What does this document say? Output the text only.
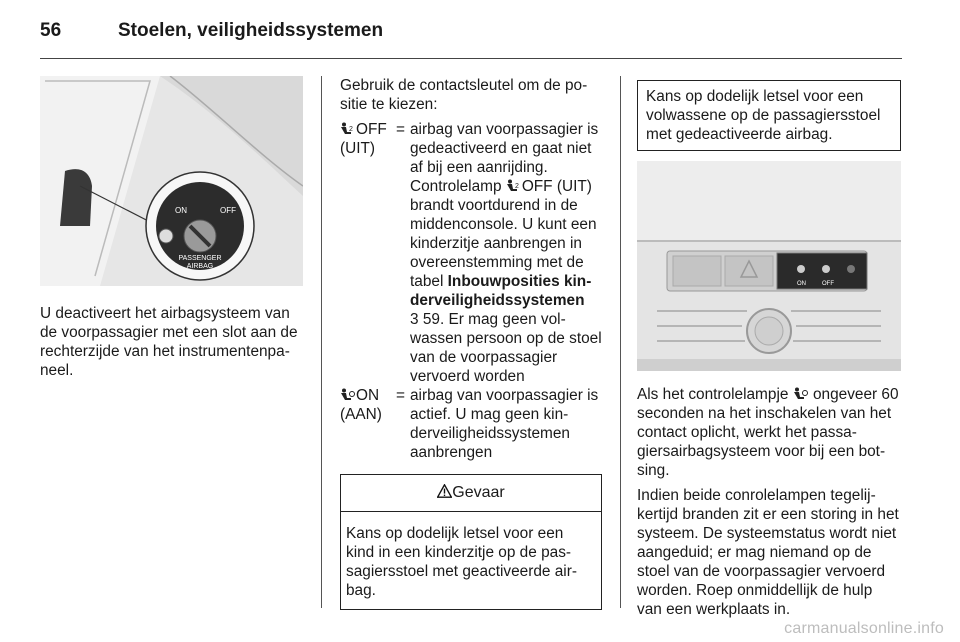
56	Stoelen, veiligheidssystemen
ON	OFF
PASSENGER
AIRBAG

U deactiveert het airbagsysteem van de voorpassagier met een slot aan de rechterzijde van het instrumentenpaneel.

Gebruik de contactsleutel om de positie te kiezen:

2 OFF
(UIT)
= airbag van voorpassagier is gedeactiveerd en gaat niet af bij een aanrijding. Controlelamp 2 OFF (UIT) brandt voortdurend in de middenconsole. U kunt een kinderzitje aanbrengen in overeenstemming met de tabel Inbouwposities kinderveiligheidssystemen
3 59. Er mag geen volwassen persoon op de stoel van de voorpassagier vervoerd worden
ON
(AAN)
= airbag van voorpassagier is actief. U mag geen kinderveiligheidssystemen aanbrengen
Gevaar
Kans op dodelijk letsel voor een kind in een kinderzitje op de passagiersstoel met geactiveerde airbag.
Kans op dodelijk letsel voor een volwassene op de passagiersstoel met gedeactiveerde airbag.
ON	OFF

Als het controlelampje  ongeveer 60 seconden na het inschakelen van het contact oplicht, werkt het passagiersairbagsysteem voor bij een botsing.

Indien beide conrolelampen tegelijkertijd branden zit er een storing in het systeem. De systeemstatus wordt niet aangeduid; er mag niemand op de stoel van de voorpassagier vervoerd worden. Roep onmiddellijk de hulp van een werkplaats in.

carmanualsonline.info
